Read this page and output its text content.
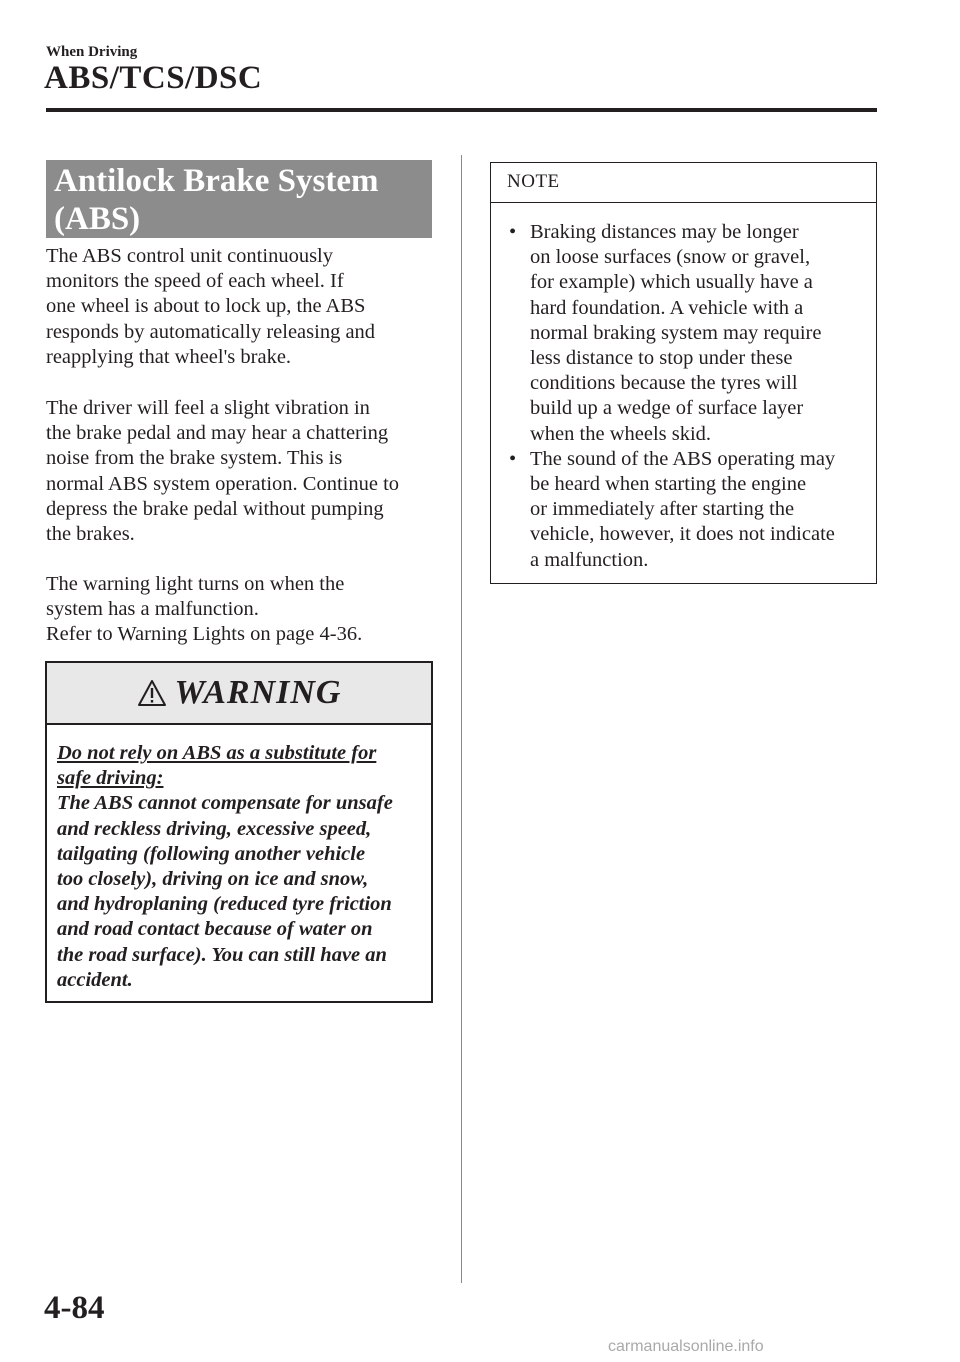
When Driving
ABS/TCS/DSC
Antilock Brake System
(ABS)

The ABS control unit continuously

monitors the speed of each wheel. If

one wheel is about to lock up, the ABS

responds by automatically releasing and

reapplying that wheel's brake.

The driver will feel a slight vibration in

the brake pedal and may hear a chattering

noise from the brake system. This is

normal ABS system operation. Continue to

depress the brake pedal without pumping

the brakes.

The warning light turns on when the

system has a malfunction.

Refer to Warning Lights on page 4-36.

WARNING
Do not rely on ABS as a substitute for
safe driving:
The ABS cannot compensate for unsafe
and reckless driving, excessive speed,
tailgating (following another vehicle
too closely), driving on ice and snow,
and hydroplaning (reduced tyre friction
and road contact because of water on
the road surface). You can still have an
accident.
NOTE
• Braking distances may be longer
on loose surfaces (snow or gravel,
for example) which usually have a
hard foundation. A vehicle with a
normal braking system may require
less distance to stop under these
conditions because the tyres will
build up a wedge of surface layer
when the wheels skid.
• The sound of the ABS operating may
be heard when starting the engine
or immediately after starting the
vehicle, however, it does not indicate
a malfunction.
4-84
carmanualsonline.info
